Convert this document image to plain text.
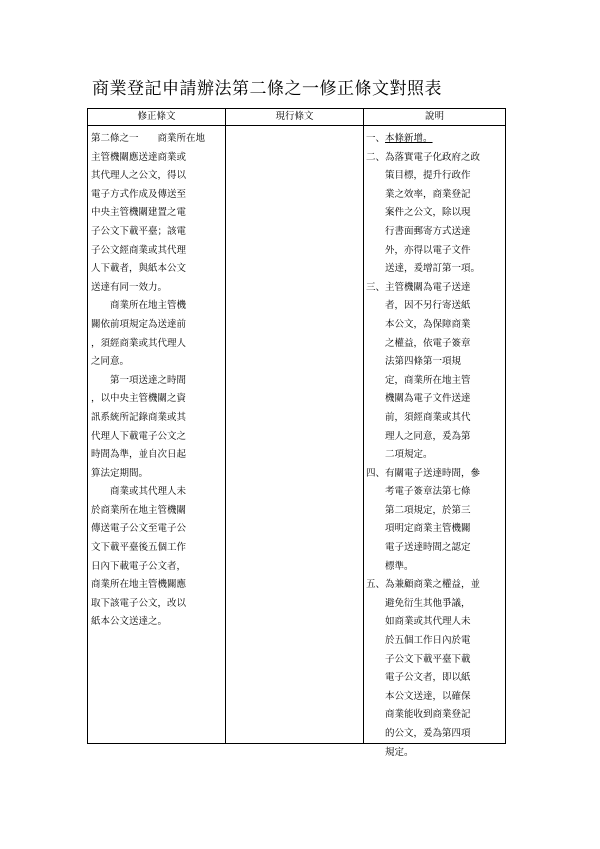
商業登記申請辦法第二條之一修正條文對照表
修正條文	現行條文	說明
第二條之一　　商業所在地
主管機關應送達商業或
其代理人之公文，得以
電子方式作成及傳送至
中央主管機關建置之電
子公文下載平臺；該電
子公文經商業或其代理
人下載者，與紙本公文
送達有同一效力。
　　商業所在地主管機
關依前項規定為送達前
，須經商業或其代理人
之同意。
　　第一項送達之時間
，以中央主管機關之資
訊系統所記錄商業或其
代理人下載電子公文之
時間為準，並自次日起
算法定期間。
　　商業或其代理人未
於商業所在地主管機關
傳送電子公文至電子公
文下載平臺後五個工作
日內下載電子公文者，
商業所在地主管機關應
取下該電子公文，改以
紙本公文送達之。
一、本條新增。
二、為落實電子化政府之政
　　策目標，提升行政作
　　業之效率，商業登記
　　案件之公文，除以現
　　行書面郵寄方式送達
　　外，亦得以電子文件
　　送達，爰增訂第一項。
三、主管機關為電子送達
　　者，因不另行寄送紙
　　本公文，為保障商業
　　之權益，依電子簽章
　　法第四條第一項規
　　定，商業所在地主管
　　機關為電子文件送達
　　前，須經商業或其代
　　理人之同意，爰為第
　　二項規定。
四、有關電子送達時間，參
　　考電子簽章法第七條
　　第二項規定，於第三
　　項明定商業主管機關
　　電子送達時間之認定
　　標準。
五、為兼顧商業之權益，並
　　避免衍生其他爭議，
　　如商業或其代理人未
　　於五個工作日內於電
　　子公文下載平臺下載
　　電子公文者，即以紙
　　本公文送達，以確保
　　商業能收到商業登記
　　的公文，爰為第四項
　　規定。
